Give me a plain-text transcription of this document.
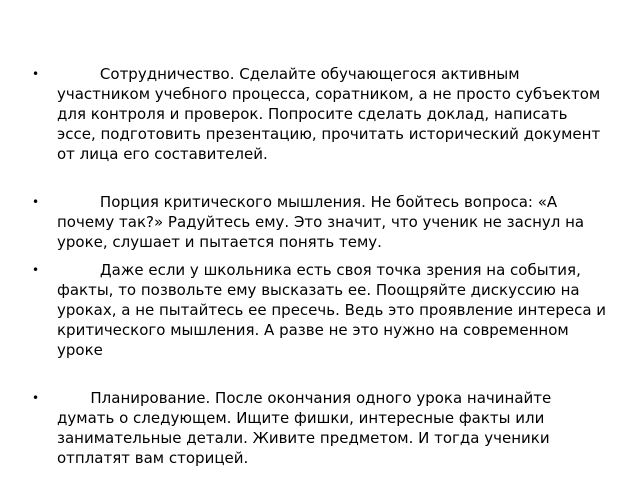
• Сотрудничество. Сделайте обучающегося активным участником учебного процесса, соратником, а не просто субъектом для контроля и проверок. Попросите сделать доклад, написать эссе, подготовить презентацию, прочитать исторический документ от лица его составителей.
• Порция критического мышления. Не бойтесь вопроса: «А почему так?» Радуйтесь ему. Это значит, что ученик не заснул на уроке, слушает и пытается понять тему.
• Даже если у школьника есть своя точка зрения на события, факты, то позвольте ему высказать ее. Поощряйте дискуссию на уроках, а не пытайтесь ее пресечь. Ведь это проявление интереса и критического мышления. А разве не это нужно на современном уроке
• Планирование. После окончания одного урока начинайте думать о следующем. Ищите фишки, интересные факты или занимательные детали. Живите предметом. И тогда ученики отплатят вам сторицей.
